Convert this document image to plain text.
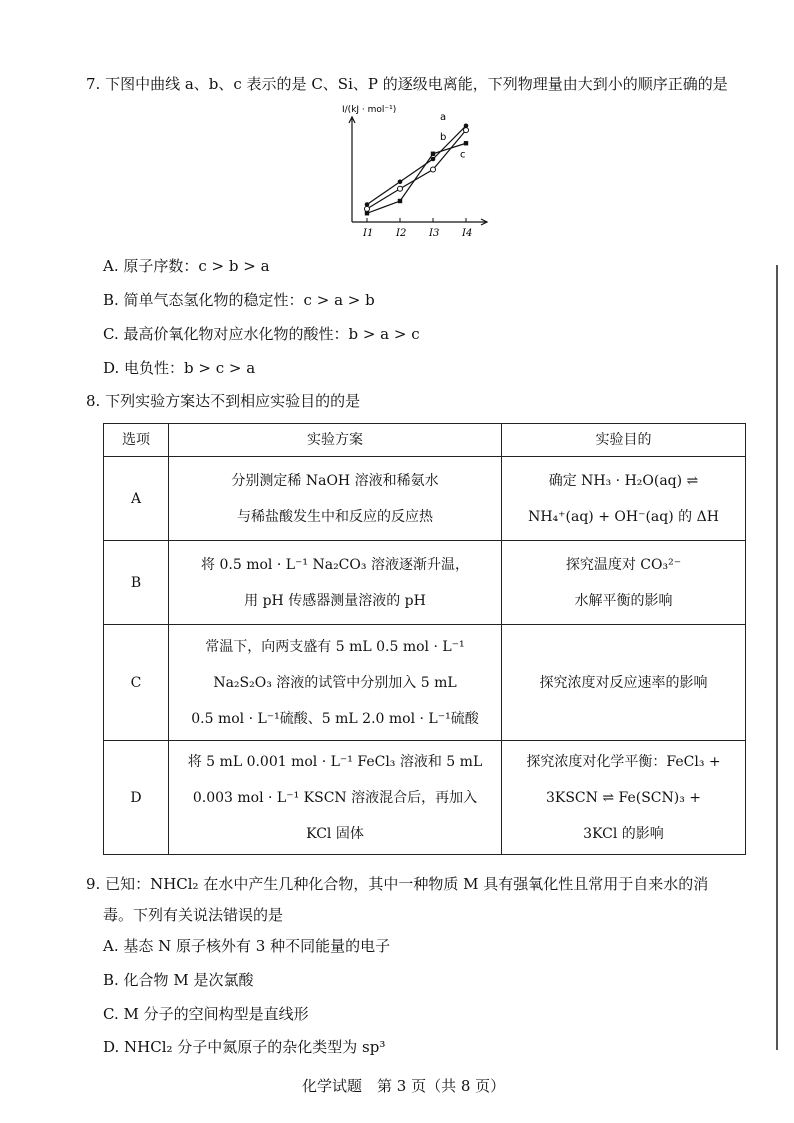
7. 下图中曲线 a、b、c 表示的是 C、Si、P 的逐级电离能，下列物理量由大到小的顺序正确的是
I/(kJ · mol⁻¹)
I1 I2 I3 I4
a
b
c
A. 原子序数：c > b > a
B. 简单气态氢化物的稳定性：c > a > b
C. 最高价氧化物对应水化物的酸性：b > a > c
D. 电负性：b > c > a
8. 下列实验方案达不到相应实验目的的是
选项	实验方案	实验目的
A	分别测定稀 NaOH 溶液和稀氨水
与稀盐酸发生中和反应的反应热	确定 NH₃ · H₂O(aq) ⇌
NH₄⁺(aq) + OH⁻(aq) 的 ΔH

B	将 0.5 mol · L⁻¹ Na₂CO₃ 溶液逐渐升温，
用 pH 传感器测量溶液的 pH	探究温度对 CO₃²⁻
水解平衡的影响

C	常温下，向两支盛有 5 mL 0.5 mol · L⁻¹
Na₂S₂O₃ 溶液的试管中分别加入 5 mL
0.5 mol · L⁻¹硫酸、5 mL 2.0 mol · L⁻¹硫酸	探究浓度对反应速率的影响

D	将 5 mL 0.001 mol · L⁻¹ FeCl₃ 溶液和 5 mL
0.003 mol · L⁻¹ KSCN 溶液混合后，再加入
KCl 固体	探究浓度对化学平衡：FeCl₃ +
3KSCN ⇌ Fe(SCN)₃ +
3KCl 的影响
9. 已知：NHCl₂ 在水中产生几种化合物，其中一种物质 M 具有强氧化性且常用于自来水的消
毒。下列有关说法错误的是
A. 基态 N 原子核外有 3 种不同能量的电子
B. 化合物 M 是次氯酸
C. M 分子的空间构型是直线形
D. NHCl₂ 分子中氮原子的杂化类型为 sp³
化学试题　第 3 页（共 8 页）
